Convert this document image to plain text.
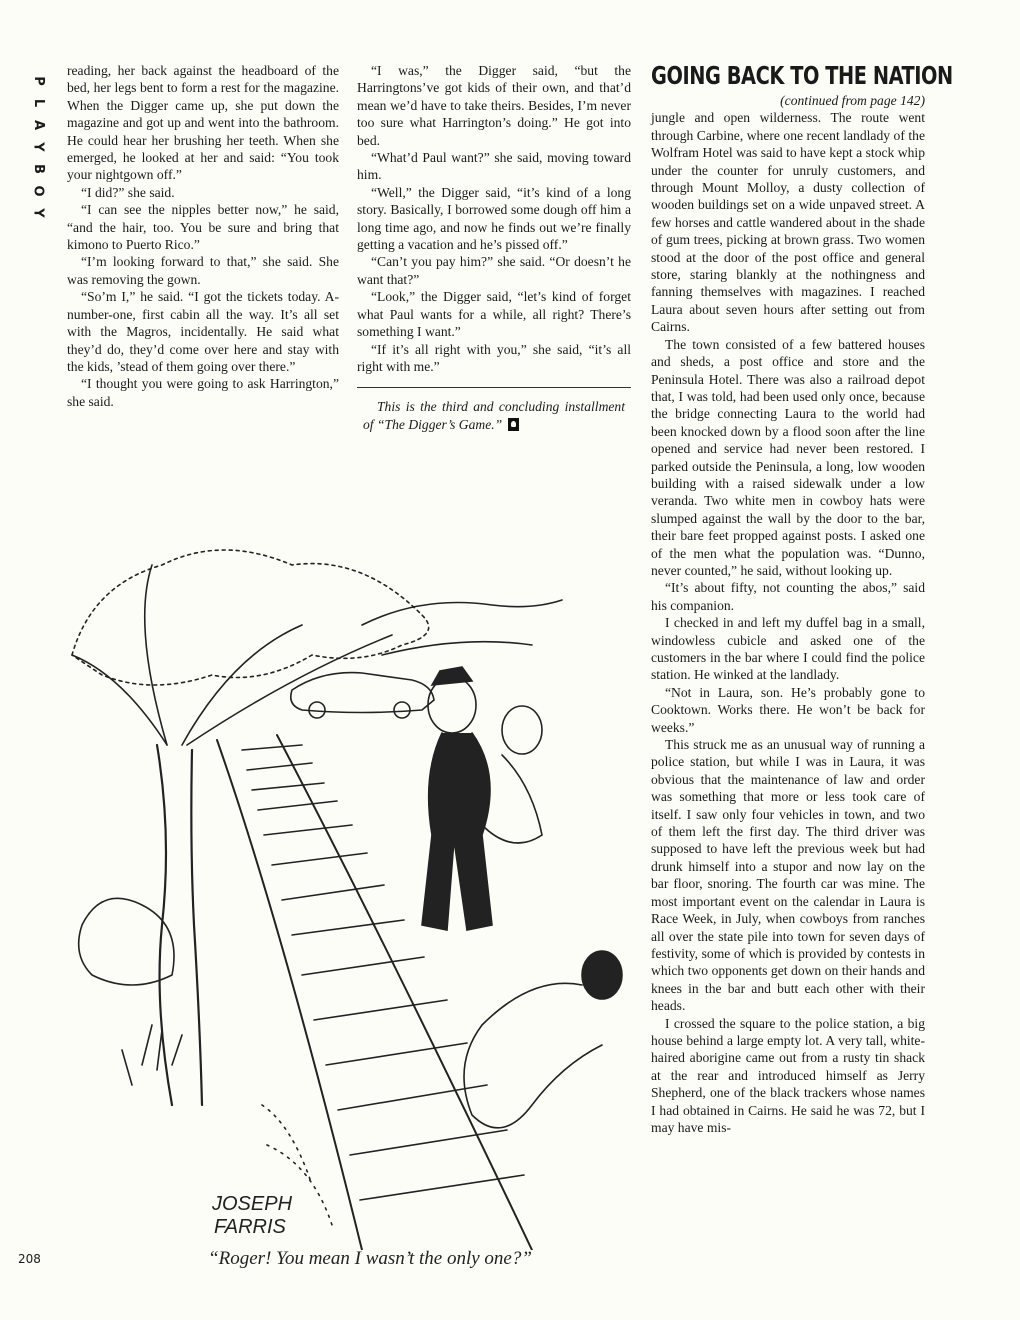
P
L
A
Y
B
O
Y

reading, her back against the headboard of the bed, her legs bent to form a rest for the magazine. When the Digger came up, she put down the magazine and got up and went into the bathroom. He could hear her brushing her teeth. When she emerged, he looked at her and said: “You took your nightgown off.”

“I did?” she said.

“I can see the nipples better now,” he said, “and the hair, too. You be sure and bring that kimono to Puerto Rico.”

“I’m looking forward to that,” she said. She was removing the gown.

“So’m I,” he said. “I got the tickets today. A-number-one, first cabin all the way. It’s all set with the Magros, incidentally. He said what they’d do, they’d come over here and stay with the kids, ’stead of them going over there.”

“I thought you were going to ask Harrington,” she said.

“I was,” the Digger said, “but the Harringtons’ve got kids of their own, and that’d mean we’d have to take theirs. Besides, I’m never too sure what Harrington’s doing.” He got into bed.

“What’d Paul want?” she said, moving toward him.

“Well,” the Digger said, “it’s kind of a long story. Basically, I borrowed some dough off him a long time ago, and now he finds out we’re finally getting a vacation and he’s pissed off.”

“Can’t you pay him?” she said. “Or doesn’t he want that?”

“Look,” the Digger said, “let’s kind of forget what Paul wants for a while, all right? There’s something I want.”

“If it’s all right with you,” she said, “it’s all right with me.”

This is the third and concluding installment of “The Digger’s Game.”

GOING BACK TO THE NATION

(continued from page 142)

jungle and open wilderness. The route went through Carbine, where one recent landlady of the Wolfram Hotel was said to have kept a stock whip under the counter for unruly customers, and through Mount Molloy, a dusty collection of wooden buildings set on a wide unpaved street. A few horses and cattle wandered about in the shade of gum trees, picking at brown grass. Two women stood at the door of the post office and general store, staring blankly at the nothingness and fanning themselves with magazines. I reached Laura about seven hours after setting out from Cairns.

The town consisted of a few battered houses and sheds, a post office and store and the Peninsula Hotel. There was also a railroad depot that, I was told, had been used only once, because the bridge connecting Laura to the world had been knocked down by a flood soon after the line opened and service had never been restored. I parked outside the Peninsula, a long, low wooden building with a raised sidewalk under a low veranda. Two white men in cowboy hats were slumped against the wall by the door to the bar, their bare feet propped against posts. I asked one of the men what the population was. “Dunno, never counted,” he said, without looking up.

“It’s about fifty, not counting the abos,” said his companion.

I checked in and left my duffel bag in a small, windowless cubicle and asked one of the customers in the bar where I could find the police station. He winked at the landlady.

“Not in Laura, son. He’s probably gone to Cooktown. Works there. He won’t be back for weeks.”

This struck me as an unusual way of running a police station, but while I was in Laura, it was obvious that the maintenance of law and order was something that more or less took care of itself. I saw only four vehicles in town, and two of them left the first day. The third driver was supposed to have left the previous week but had drunk himself into a stupor and now lay on the bar floor, snoring. The fourth car was mine. The most important event on the calendar in Laura is Race Week, in July, when cowboys from ranches all over the state pile into town for seven days of festivity, some of which is provided by contests in which two opponents get down on their hands and knees in the bar and butt each other with their heads.

I crossed the square to the police station, a big house behind a large empty lot. A very tall, white-haired aborigine came out from a rusty tin shack at the rear and introduced himself as Jerry Shepherd, one of the black trackers whose names I had obtained in Cairns. He said he was 72, but I may have mis-

JOSEPH
FARRIS
“Roger! You mean I wasn’t the only one?”
208
